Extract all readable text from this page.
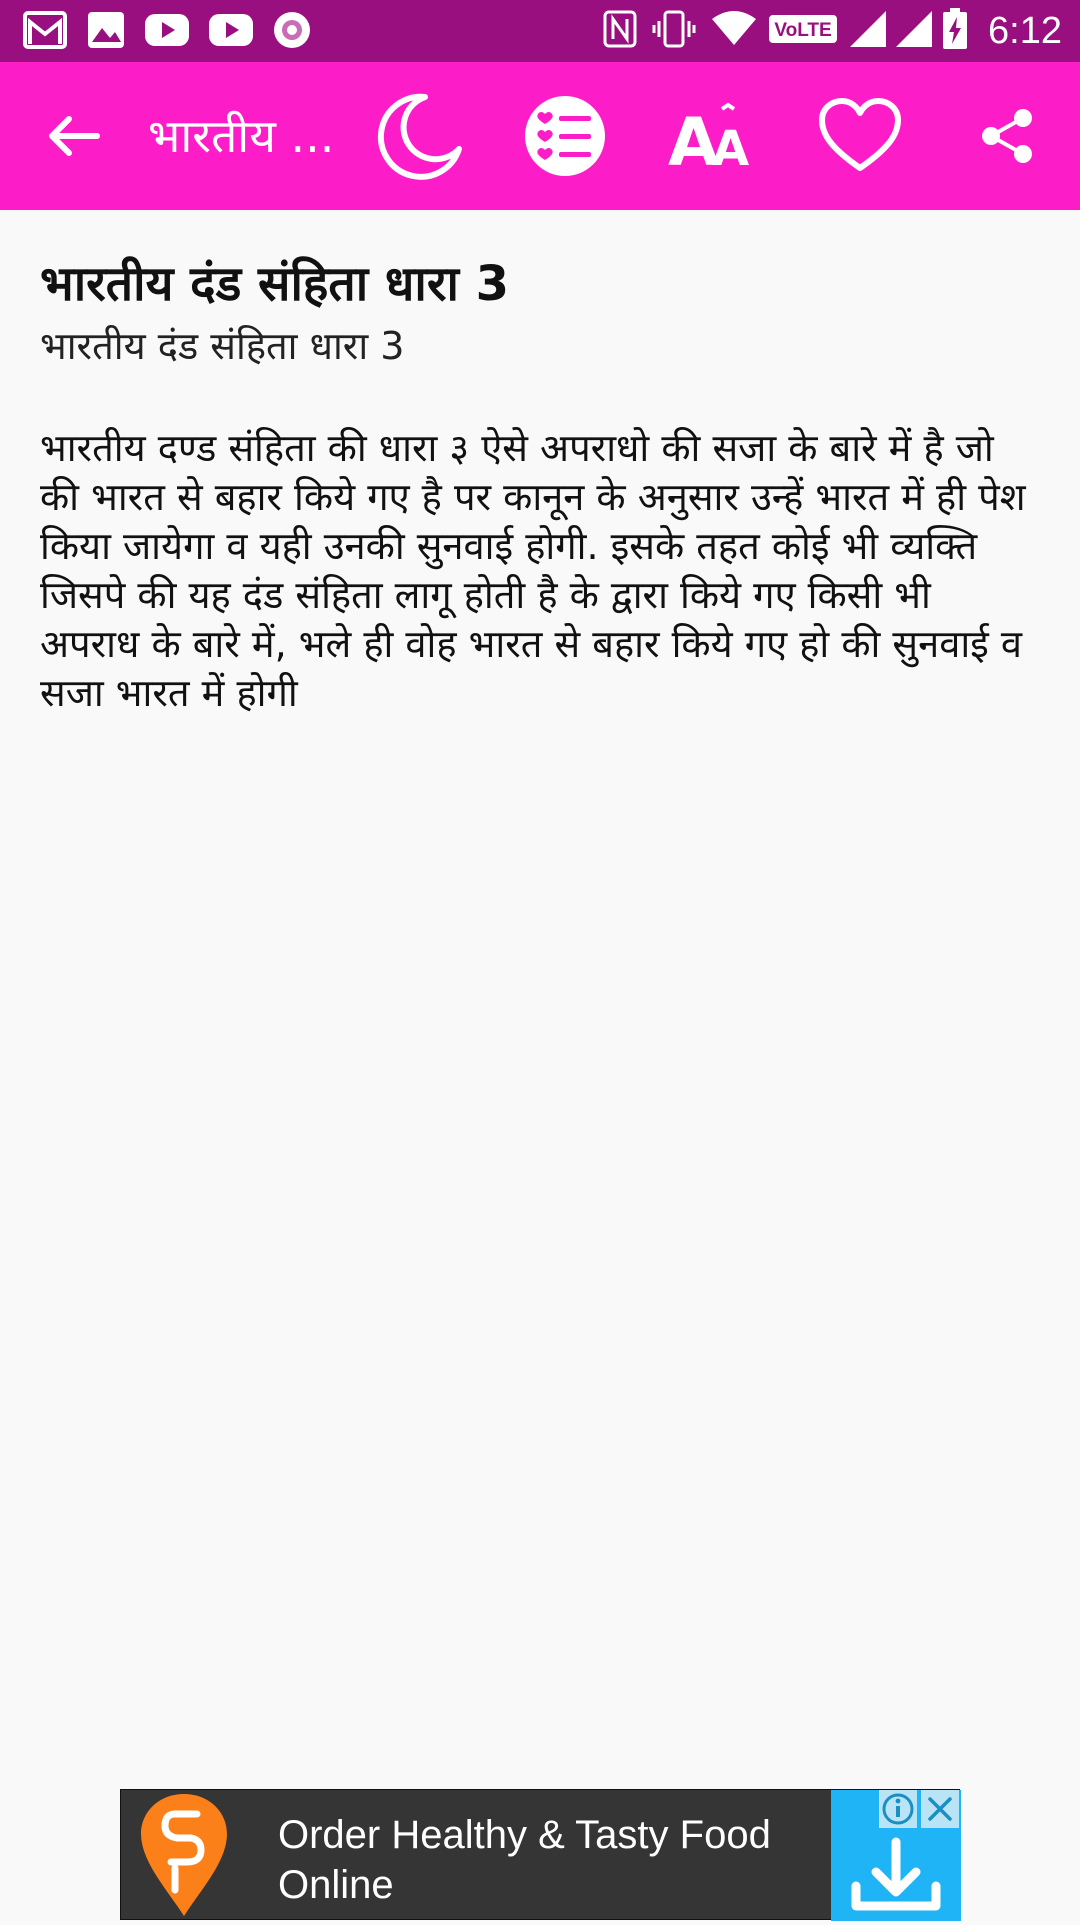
VoLTE	6:12
भारतीय ...	A
A
भारतीय दंड संहिता धारा 3

भारतीय दंड संहिता धारा 3

भारतीय दण्ड संहिता की धारा ३ ऐसे अपराधो की सजा के बारे में है जो की भारत से बहार किये गए है पर कानून के अनुसार उन्हें भारत में ही पेश किया जायेगा व यही उनकी सुनवाई होगी. इसके तहत कोई भी व्यक्ति जिसपे की यह दंड संहिता लागू होती है के द्वारा किये गए किसी भी अपराध के बारे में, भले ही वोह भारत से बहार किये गए हो की सुनवाई व सजा भारत में होगी

Order Healthy & Tasty Food Online
